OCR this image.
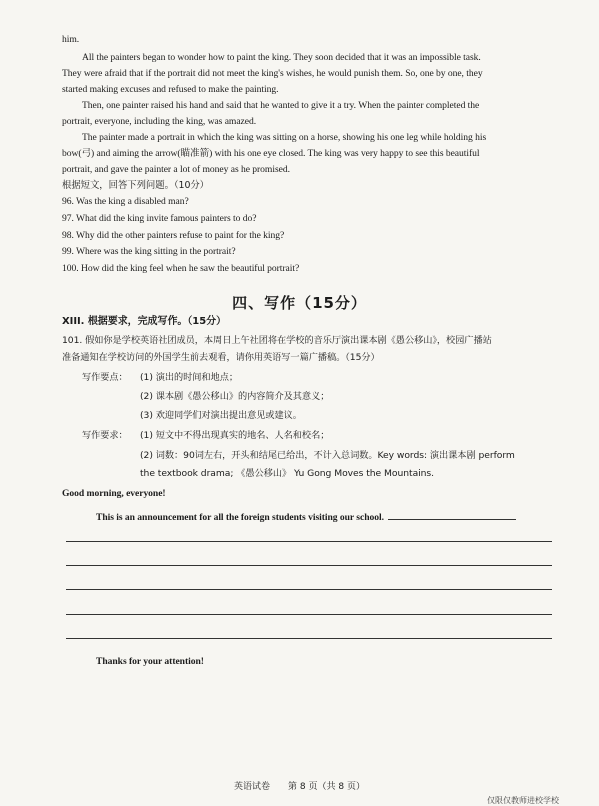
him.
All the painters began to wonder how to paint the king. They soon decided that it was an impossible task.
They were afraid that if the portrait did not meet the king's wishes, he would punish them. So, one by one, they
started making excuses and refused to make the painting.
Then, one painter raised his hand and said that he wanted to give it a try. When the painter completed the
portrait, everyone, including the king, was amazed.
The painter made a portrait in which the king was sitting on a horse, showing his one leg while holding his
bow(弓) and aiming the arrow(瞄准箭) with his one eye closed. The king was very happy to see this beautiful
portrait, and gave the painter a lot of money as he promised.
根据短文，回答下列问题。（10分）
96. Was the king a disabled man?
97. What did the king invite famous painters to do?
98. Why did the other painters refuse to paint for the king?
99. Where was the king sitting in the portrait?
100. How did the king feel when he saw the beautiful portrait?
四、写作（15分）
XIII. 根据要求，完成写作。（15分）
101. 假如你是学校英语社团成员，本周日上午社团将在学校的音乐厅演出课本剧《愚公移山》，校园广播站
准备通知在学校访问的外国学生前去观看，请你用英语写一篇广播稿。（15分）
写作要点： (1) 演出的时间和地点；
(2) 课本剧《愚公移山》的内容简介及其意义；
(3) 欢迎同学们对演出提出意见或建议。
写作要求： (1) 短文中不得出现真实的地名、人名和校名；
(2) 词数：90词左右，开头和结尾已给出，不计入总词数。Key words: 演出课本剧 perform
the textbook drama; 《愚公移山》 Yu Gong Moves the Mountains.
Good morning, everyone!
This is an announcement for all the foreign students visiting our school.
Thanks for your attention!
英语试卷　　第 8 页（共 8 页）
仅限仅教师进校学校
